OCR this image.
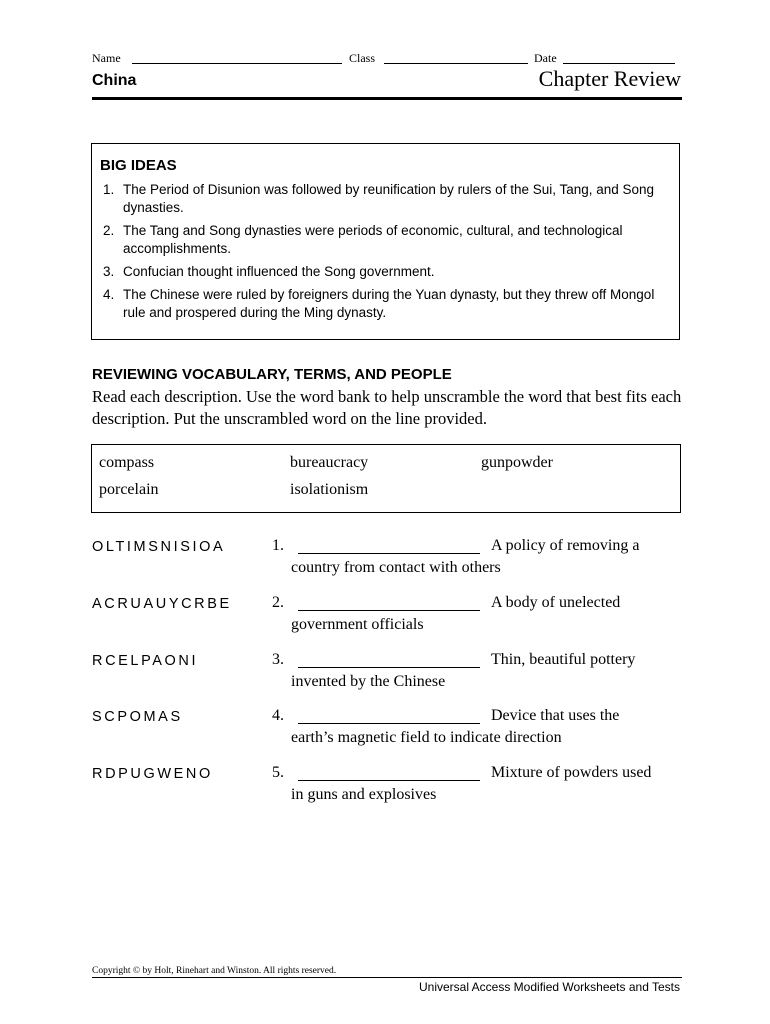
Name	Class	Date
China	Chapter Review
BIG IDEAS
1. The Period of Disunion was followed by reunification by rulers of the Sui, Tang, and Song dynasties.
2. The Tang and Song dynasties were periods of economic, cultural, and technological accomplishments.
3. Confucian thought influenced the Song government.
4. The Chinese were ruled by foreigners during the Yuan dynasty, but they threw off Mongol rule and prospered during the Ming dynasty.
REVIEWING VOCABULARY, TERMS, AND PEOPLE

Read each description. Use the word bank to help unscramble the word that best fits each description. Put the unscrambled word on the line provided.

compass	bureaucracy	gunpowder
porcelain	isolationism
OLTIMSNISIOA	1.	A policy of removing a
country from contact with others
ACRUAUYCRBE	2.	A body of unelected
government officials
RCELPAONI	3.	Thin, beautiful pottery
invented by the Chinese
SCPOMAS	4.	Device that uses the
earth’s magnetic field to indicate direction
RDPUGWENO	5.	Mixture of powders used
in guns and explosives
Copyright © by Holt, Rinehart and Winston. All rights reserved.
Universal Access Modified Worksheets and Tests
